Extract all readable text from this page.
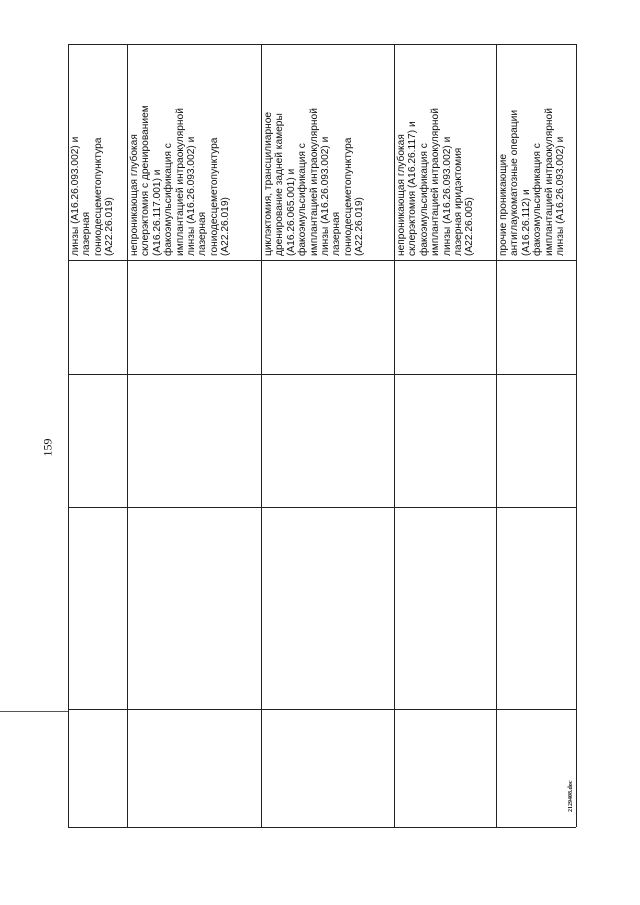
159
линзы (A16.26.093.002) и лазерная гониодесцеметопунктура (A22.26.019) непроникающая глубокая склерэктомия с дренированием (A16.26.117.001) и факоэмульсификация с имплантацией интраокулярной линзы (A16.26.093.002) и лазерная гониодесцеметопунктура (A22.26.019)	циклэктомия, трансцилиарное дренирование задней камеры (A16.26.065.001) и факоэмульсификация с имплантацией интраокулярной линзы (A16.26.093.002) и лазерная гониодесцеметопунктура (A22.26.019)	непроникающая глубокая склерэктомия (A16.26.117) и факоэмульсификация с имплантацией интраокулярной линзы (A16.26.093.002) и лазерная иридэктомия (A22.26.005) прочие проникающие антиглаукоматозные операции (A16.26.112) и факоэмульсификация с имплантацией интраокулярной линзы (A16.26.093.002) и
2129408.doc
